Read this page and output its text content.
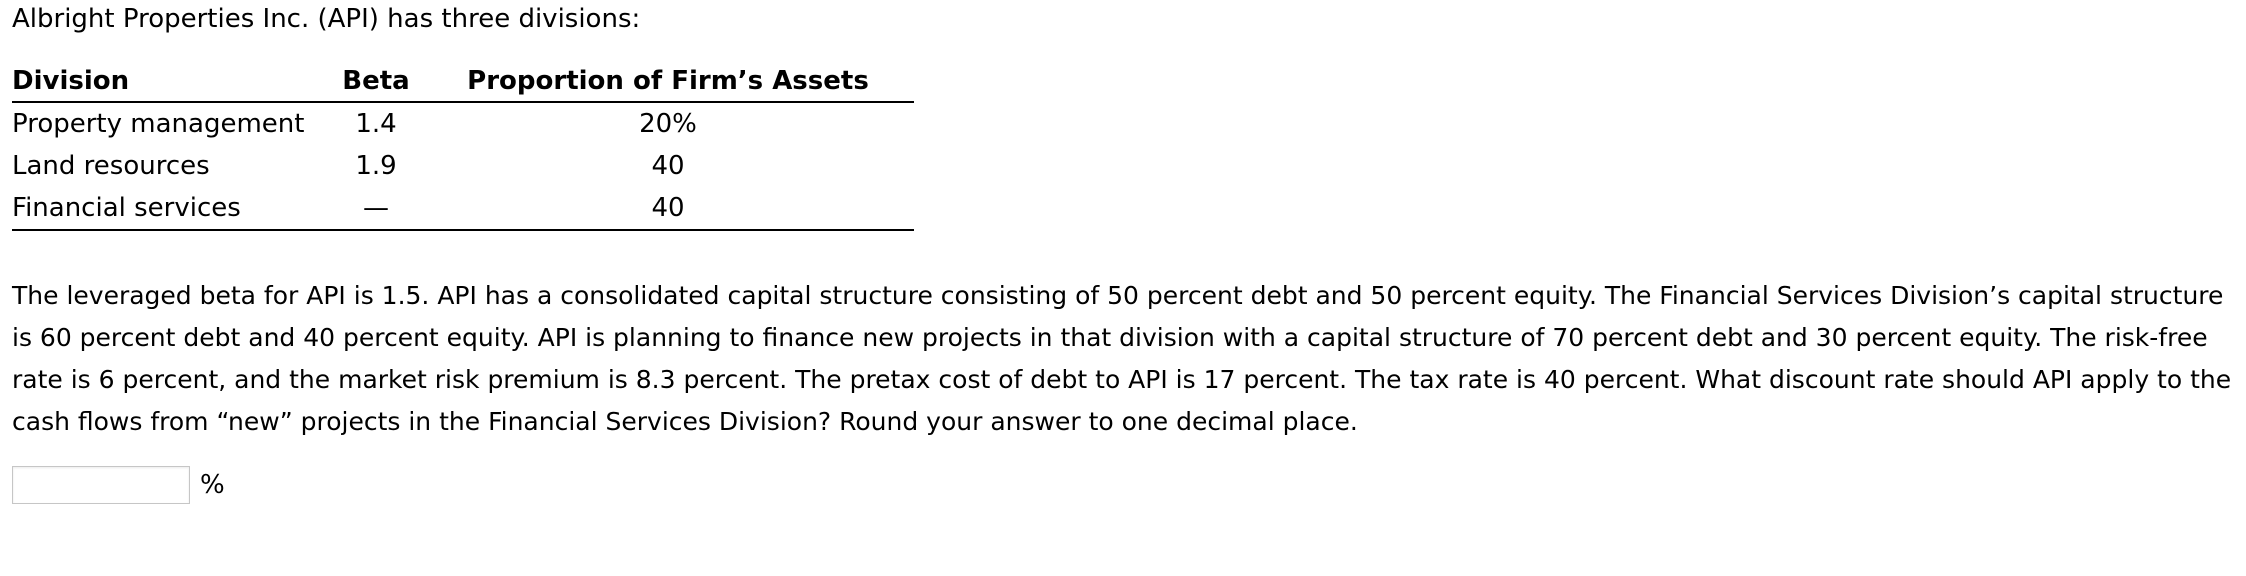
Albright Properties Inc. (API) has three divisions:
Division	Beta	Proportion of Firm’s Assets
Property management	1.4	20%
Land resources	1.9	40
Financial services	—	40

The leveraged beta for API is 1.5. API has a consolidated capital structure consisting of 50 percent debt and 50 percent equity. The Financial Services Division’s capital structure is 60 percent debt and 40 percent equity. API is planning to finance new projects in that division with a capital structure of 70 percent debt and 30 percent equity. The risk-free rate is 6 percent, and the market risk premium is 8.3 percent. The pretax cost of debt to API is 17 percent. The tax rate is 40 percent. What discount rate should API apply to the cash flows from “new” projects in the Financial Services Division? Round your answer to one decimal place.

%
